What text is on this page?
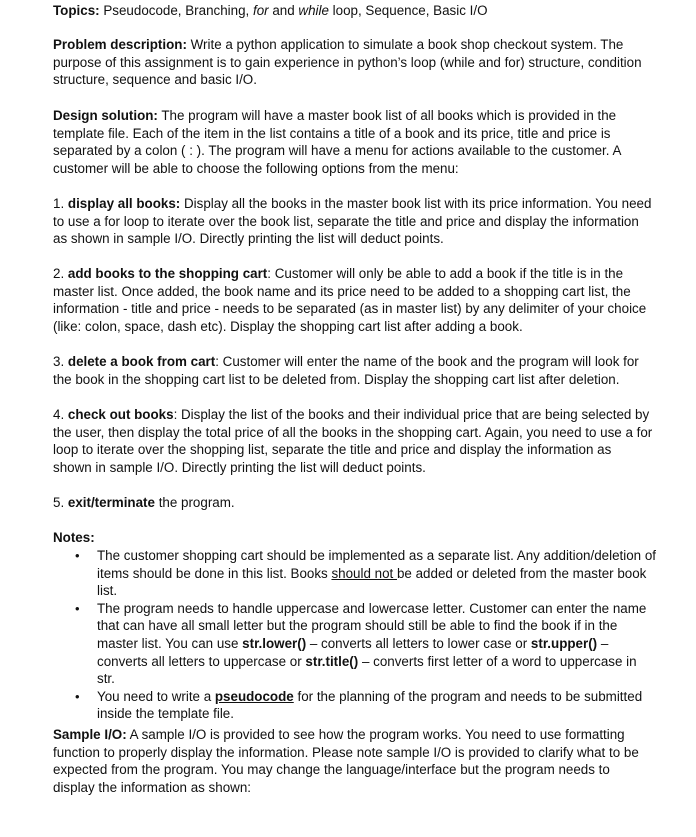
Topics: Pseudocode, Branching, for and while loop, Sequence, Basic I/O

Problem description: Write a python application to simulate a book shop checkout system. The purpose of this assignment is to gain experience in python’s loop (while and for) structure, condition structure, sequence and basic I/O.

Design solution: The program will have a master book list of all books which is provided in the template file. Each of the item in the list contains a title of a book and its price, title and price is separated by a colon ( : ). The program will have a menu for actions available to the customer. A customer will be able to choose the following options from the menu:

1. display all books: Display all the books in the master book list with its price information. You need to use a for loop to iterate over the book list, separate the title and price and display the information as shown in sample I/O. Directly printing the list will deduct points.

2. add books to the shopping cart: Customer will only be able to add a book if the title is in the master list. Once added, the book name and its price need to be added to a shopping cart list, the information - title and price - needs to be separated (as in master list) by any delimiter of your choice (like: colon, space, dash etc). Display the shopping cart list after adding a book.

3. delete a book from cart: Customer will enter the name of the book and the program will look for the book in the shopping cart list to be deleted from. Display the shopping cart list after deletion.

4. check out books: Display the list of the books and their individual price that are being selected by the user, then display the total price of all the books in the shopping cart. Again, you need to use a for loop to iterate over the shopping list, separate the title and price and display the information as shown in sample I/O. Directly printing the list will deduct points.

5. exit/terminate the program.

Notes:

• The customer shopping cart should be implemented as a separate list. Any addition/deletion of items should be done in this list. Books should not be added or deleted from the master book list.
• The program needs to handle uppercase and lowercase letter. Customer can enter the name that can have all small letter but the program should still be able to find the book if in the master list. You can use str.lower() – converts all letters to lower case or str.upper() – converts all letters to uppercase or str.title() – converts first letter of a word to uppercase in str.
• You need to write a pseudocode for the planning of the program and needs to be submitted inside the template file.

Sample I/O: A sample I/O is provided to see how the program works. You need to use formatting function to properly display the information. Please note sample I/O is provided to clarify what to be expected from the program. You may change the language/interface but the program needs to display the information as shown:
